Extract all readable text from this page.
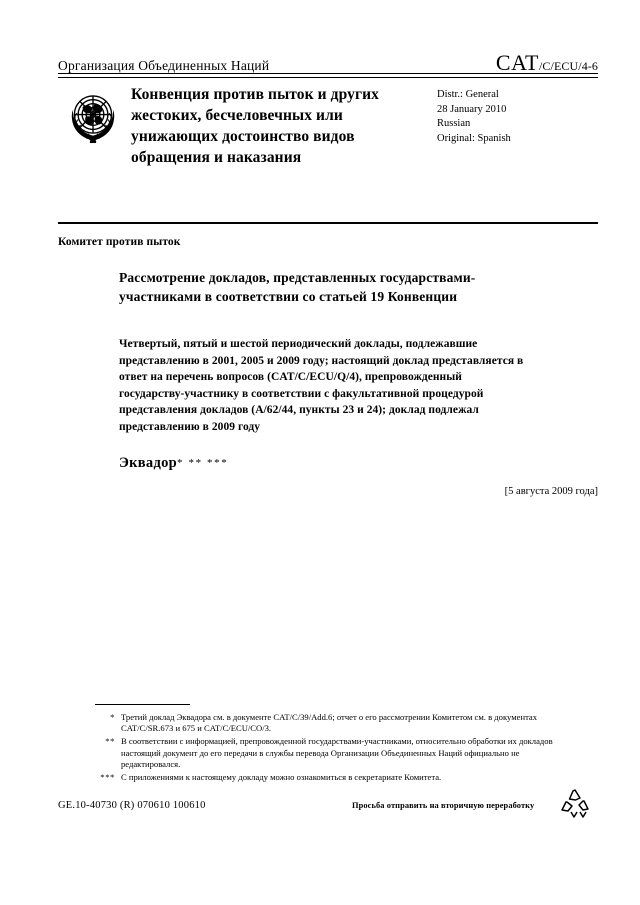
Организация Объединенных Наций	CAT/C/ECU/4-6
Конвенция против пыток и других жестоких, бесчеловечных или унижающих достоинство видов обращения и наказания
Distr.: General
28 January 2010
Russian
Original: Spanish
Комитет против пыток
Рассмотрение докладов, представленных государствами-участниками в соответствии со статьей 19 Конвенции
Четвертый, пятый и шестой периодический доклады, подлежавшие представлению в 2001, 2005 и 2009 году; настоящий доклад представляется в ответ на перечень вопросов (CAT/C/ECU/Q/4), препровожденный государству-участнику в соответствии с факультативной процедурой представления докладов (A/62/44, пункты 23 и 24); доклад подлежал представлению в 2009 году
Эквадор* ** ***
[5 августа 2009 года]
* Третий доклад Эквадора см. в документе CAT/C/39/Add.6; отчет о его рассмотрении Комитетом см. в документах CAT/C/SR.673 и 675 и CAT/C/ECU/CO/3.
** В соответствии с информацией, препровожденной государствами-участниками, относительно обработки их докладов настоящий документ до его передачи в службы перевода Организации Объединенных Наций официально не редактировался.
*** С приложениями к настоящему докладу можно ознакомиться в секретариате Комитета.
GE.10-40730 (R) 070610 100610	Просьба отправить на вторичную переработку
